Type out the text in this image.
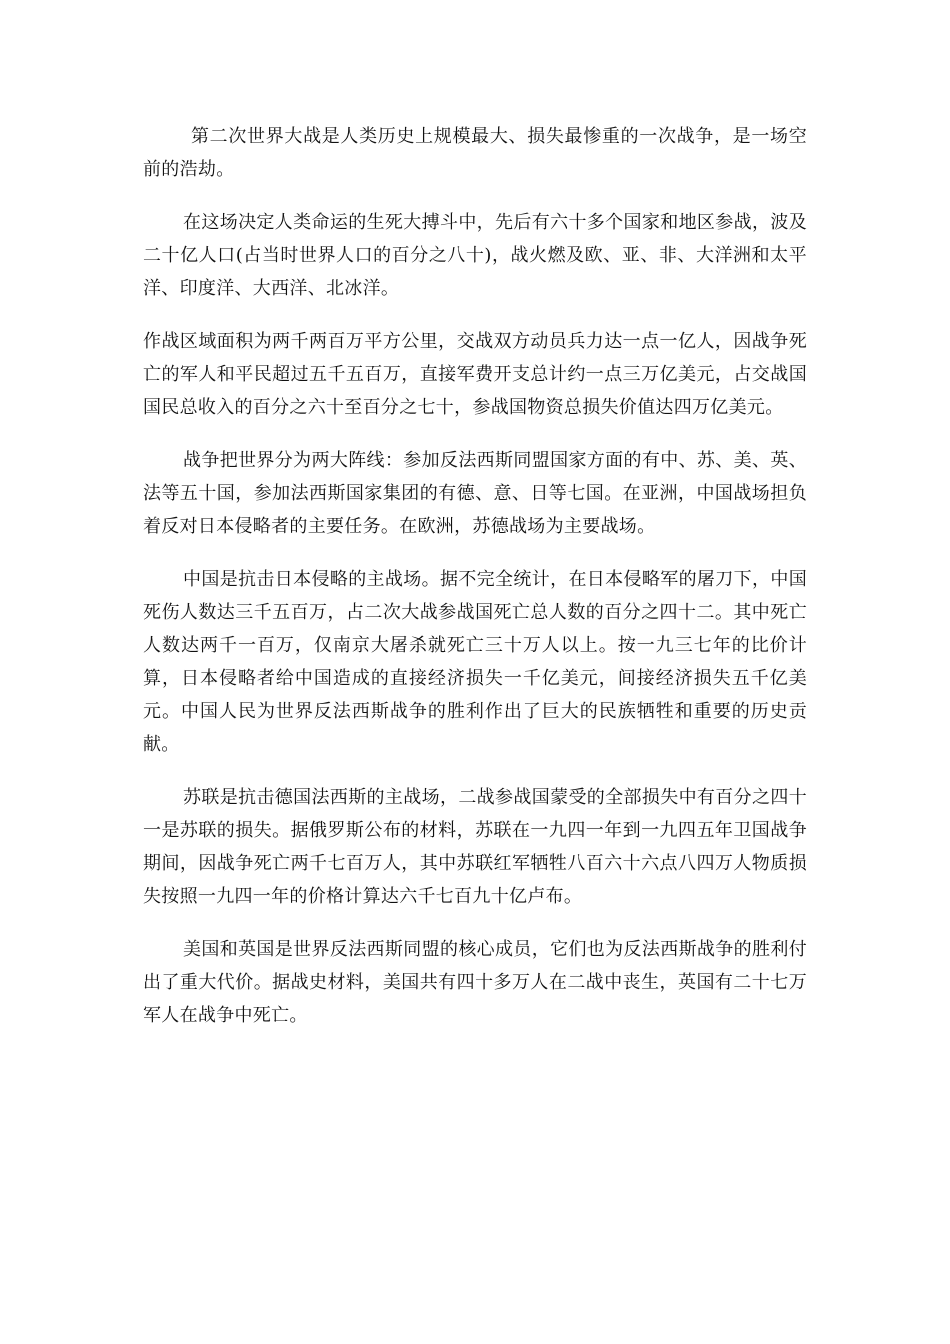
第二次世界大战是人类历史上规模最大、损失最惨重的一次战争，是一场空前的浩劫。

在这场决定人类命运的生死大搏斗中，先后有六十多个国家和地区参战，波及二十亿人口(占当时世界人口的百分之八十)，战火燃及欧、亚、非、大洋洲和太平洋、印度洋、大西洋、北冰洋。

作战区域面积为两千两百万平方公里，交战双方动员兵力达一点一亿人，因战争死亡的军人和平民超过五千五百万，直接军费开支总计约一点三万亿美元，占交战国国民总收入的百分之六十至百分之七十，参战国物资总损失价值达四万亿美元。

战争把世界分为两大阵线：参加反法西斯同盟国家方面的有中、苏、美、英、法等五十国，参加法西斯国家集团的有德、意、日等七国。在亚洲，中国战场担负着反对日本侵略者的主要任务。在欧洲，苏德战场为主要战场。

中国是抗击日本侵略的主战场。据不完全统计，在日本侵略军的屠刀下，中国死伤人数达三千五百万，占二次大战参战国死亡总人数的百分之四十二。其中死亡人数达两千一百万，仅南京大屠杀就死亡三十万人以上。按一九三七年的比价计算，日本侵略者给中国造成的直接经济损失一千亿美元，间接经济损失五千亿美元。中国人民为世界反法西斯战争的胜利作出了巨大的民族牺牲和重要的历史贡献。

苏联是抗击德国法西斯的主战场，二战参战国蒙受的全部损失中有百分之四十一是苏联的损失。据俄罗斯公布的材料，苏联在一九四一年到一九四五年卫国战争期间，因战争死亡两千七百万人，其中苏联红军牺牲八百六十六点八四万人物质损失按照一九四一年的价格计算达六千七百九十亿卢布。

美国和英国是世界反法西斯同盟的核心成员，它们也为反法西斯战争的胜利付出了重大代价。据战史材料，美国共有四十多万人在二战中丧生，英国有二十七万军人在战争中死亡。
